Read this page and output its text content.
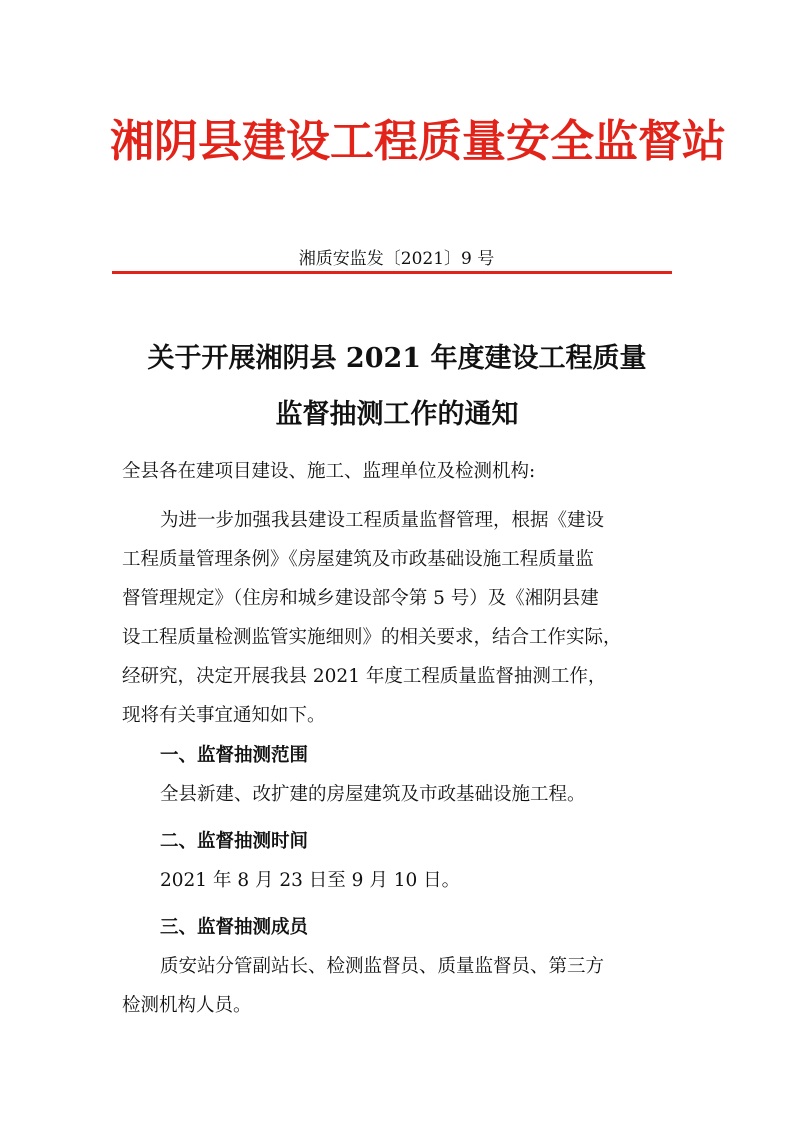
湘阴县建设工程质量安全监督站
湘质安监发〔2021〕9 号
关于开展湘阴县 2021 年度建设工程质量
监督抽测工作的通知
全县各在建项目建设、施工、监理单位及检测机构:
为进一步加强我县建设工程质量监督管理，根据《建设
工程质量管理条例》《房屋建筑及市政基础设施工程质量监
督管理规定》（住房和城乡建设部令第 5 号）及《湘阴县建
设工程质量检测监管实施细则》的相关要求，结合工作实际，
经研究，决定开展我县 2021 年度工程质量监督抽测工作，
现将有关事宜通知如下。
一、监督抽测范围
全县新建、改扩建的房屋建筑及市政基础设施工程。
二、监督抽测时间
2021 年 8 月 23 日至 9 月 10 日。
三、监督抽测成员
质安站分管副站长、检测监督员、质量监督员、第三方
检测机构人员。
